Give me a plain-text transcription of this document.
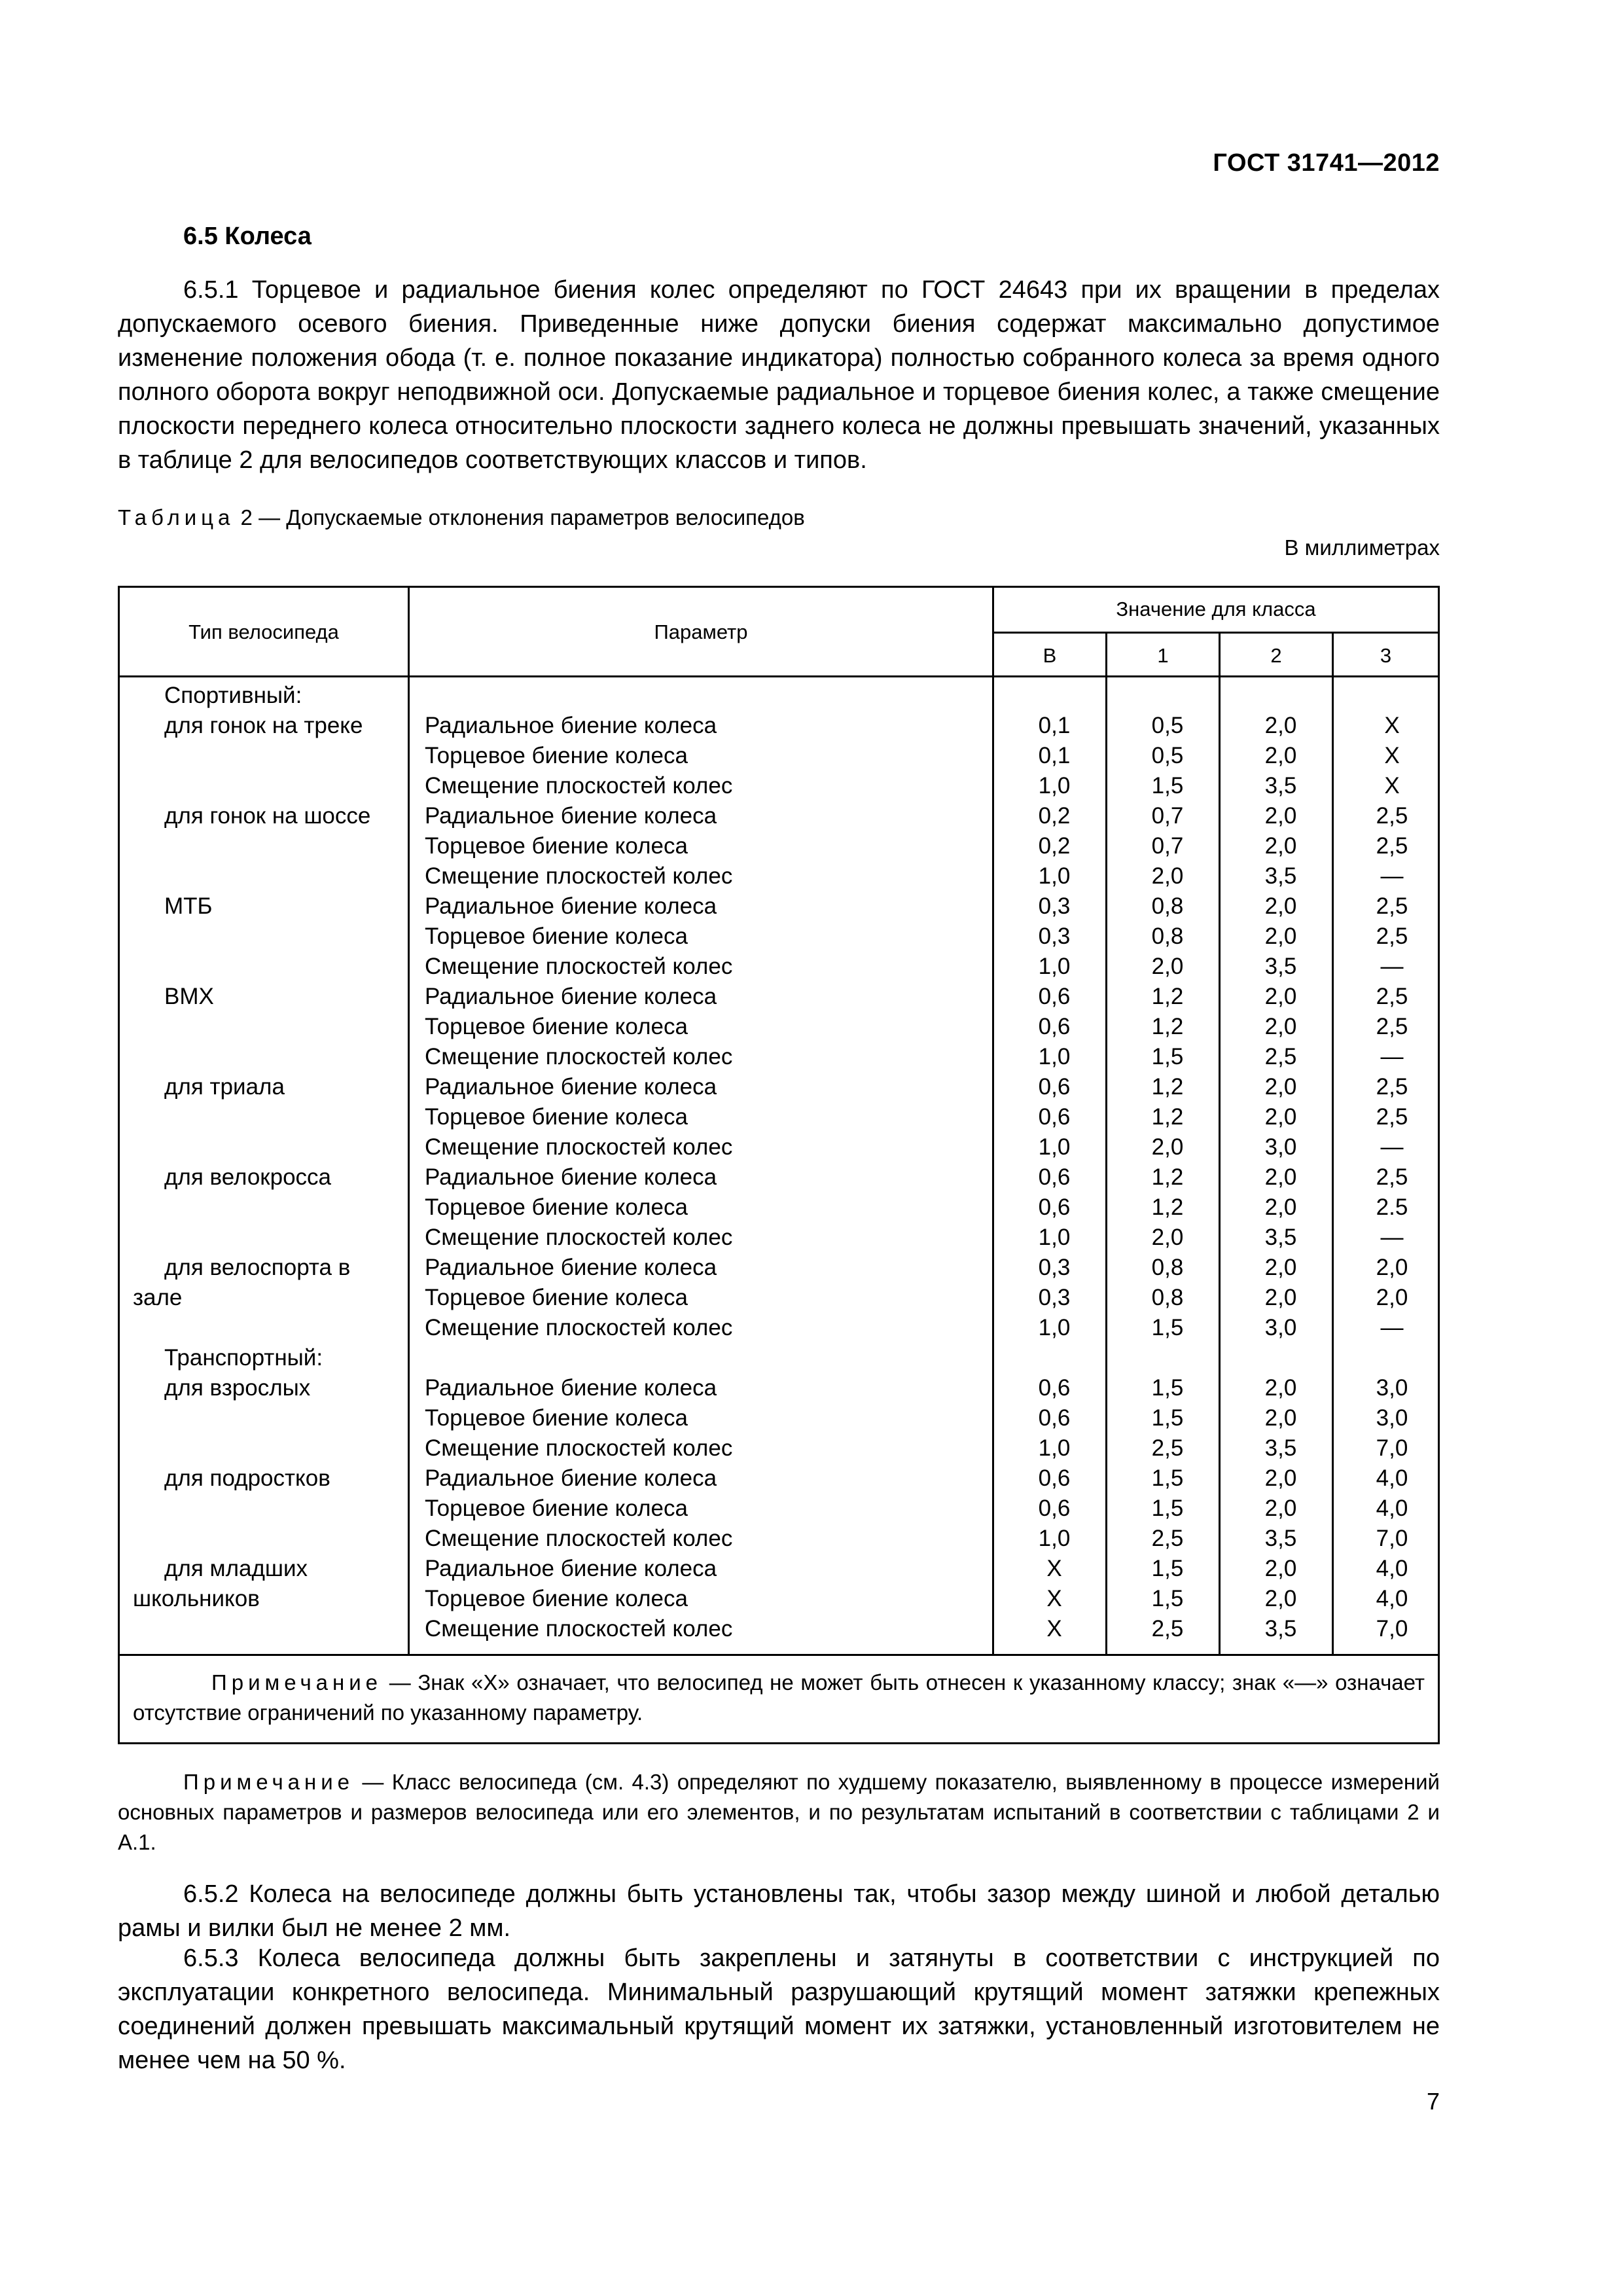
ГОСТ 31741—2012
6.5 Колеса

6.5.1 Торцевое и радиальное биения колес определяют по ГОСТ 24643 при их вращении в пределах допускаемого осевого биения. Приведенные ниже допуски биения содержат максимально допустимое изменение положения обода (т. е. полное показание индикатора) полностью собранного колеса за время одного полного оборота вокруг неподвижной оси. Допускаемые радиальное и торцевое биения колес, а также смещение плоскости переднего колеса относительно плоскости заднего колеса не должны превышать значений, указанных в таблице 2 для велосипедов соответствующих классов и типов.

Таблица 2 — Допускаемые отклонения параметров велосипедов
В миллиметрах
Тип велосипеда	Параметр
Значение для класса
В	1	2	3
Спортивный:
для гонок на треке	Радиальное биение колеса	0,1	0,5	2,0	X
Торцевое биение колеса	0,1	0,5	2,0	X
Смещение плоскостей колес	1,0	1,5	3,5	X
для гонок на шоссе	Радиальное биение колеса	0,2	0,7	2,0	2,5
Торцевое биение колеса	0,2	0,7	2,0	2,5
Смещение плоскостей колес	1,0	2,0	3,5	—
МТБ	Радиальное биение колеса	0,3	0,8	2,0	2,5
Торцевое биение колеса	0,3	0,8	2,0	2,5
Смещение плоскостей колес	1,0	2,0	3,5	—
ВМХ	Радиальное биение колеса	0,6	1,2	2,0	2,5
Торцевое биение колеса	0,6	1,2	2,0	2,5
Смещение плоскостей колес	1,0	1,5	2,5	—
для триала	Радиальное биение колеса	0,6	1,2	2,0	2,5
Торцевое биение колеса	0,6	1,2	2,0	2,5
Смещение плоскостей колес	1,0	2,0	3,0	—
для велокросса	Радиальное биение колеса	0,6	1,2	2,0	2,5
Торцевое биение колеса	0,6	1,2	2,0	2.5
Смещение плоскостей колес	1,0	2,0	3,5	—
для велоспорта в	Радиальное биение колеса	0,3	0,8	2,0	2,0
зале	Торцевое биение колеса	0,3	0,8	2,0	2,0
Смещение плоскостей колес	1,0	1,5	3,0	—
Транспортный:
для взрослых	Радиальное биение колеса	0,6	1,5	2,0	3,0
Торцевое биение колеса	0,6	1,5	2,0	3,0
Смещение плоскостей колес	1,0	2,5	3,5	7,0
для подростков	Радиальное биение колеса	0,6	1,5	2,0	4,0
Торцевое биение колеса	0,6	1,5	2,0	4,0
Смещение плоскостей колес	1,0	2,5	3,5	7,0
для младших	Радиальное биение колеса	X	1,5	2,0	4,0
школьников	Торцевое биение колеса	X	1,5	2,0	4,0
Смещение плоскостей колес	X	2,5	3,5	7,0
Примечание — Знак «Х» означает, что велосипед не может быть отнесен к указанному классу; знак «—» означает отсутствие ограничений по указанному параметру.
Примечание — Класс велосипеда (см. 4.3) определяют по худшему показателю, выявленному в процессе измерений основных параметров и размеров велосипеда или его элементов, и по результатам испытаний в соответствии с таблицами 2 и А.1.

6.5.2 Колеса на велосипеде должны быть установлены так, чтобы зазор между шиной и любой деталью рамы и вилки был не менее 2 мм.

6.5.3 Колеса велосипеда должны быть закреплены и затянуты в соответствии с инструкцией по эксплуатации конкретного велосипеда. Минимальный разрушающий крутящий момент затяжки крепежных соединений должен превышать максимальный крутящий момент их затяжки, установленный изготовителем не менее чем на 50 %.

7
